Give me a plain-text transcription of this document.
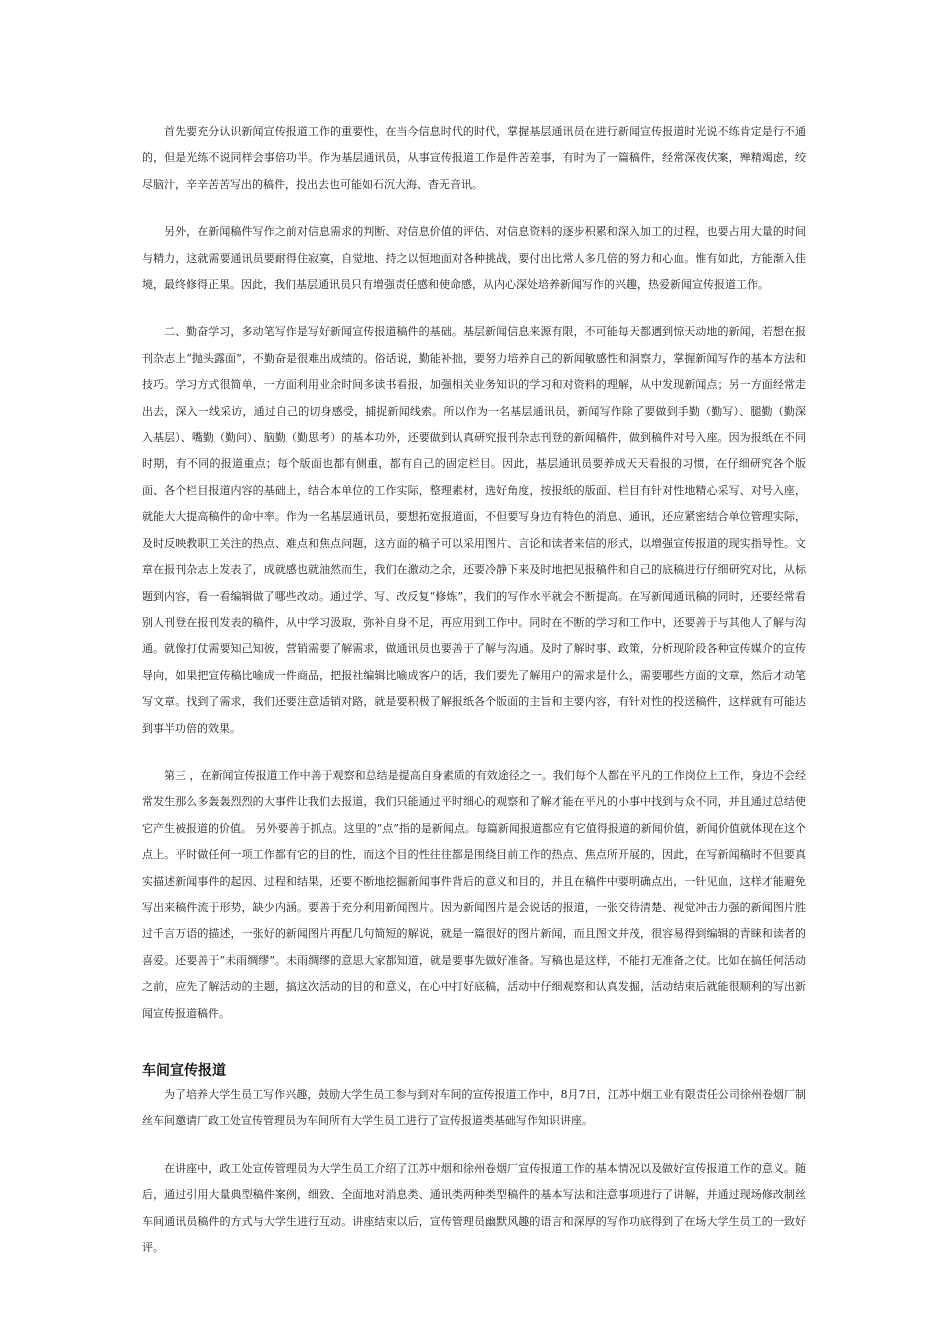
首先要充分认识新闻宣传报道工作的重要性，在当今信息时代的时代，掌握基层通讯员在进行新闻宣传报道时光说不练肯定是行不通的，但是光练不说同样会事倍功半。作为基层通讯员，从事宣传报道工作是件苦差事，有时为了一篇稿件，经常深夜伏案，殚精竭虑，绞尽脑汁，辛辛苦苦写出的稿件，投出去也可能如石沉大海、杳无音讯。

另外，在新闻稿件写作之前对信息需求的判断、对信息价值的评估、对信息资料的逐步积累和深入加工的过程，也要占用大量的时间与精力，这就需要通讯员要耐得住寂寞，自觉地、持之以恒地面对各种挑战，要付出比常人多几倍的努力和心血。惟有如此，方能渐入佳境，最终修得正果。因此，我们基层通讯员只有增强责任感和使命感，从内心深处培养新闻写作的兴趣，热爱新闻宣传报道工作。

二、勤奋学习，多动笔写作是写好新闻宣传报道稿件的基础。基层新闻信息来源有限，不可能每天都遇到惊天动地的新闻，若想在报刊杂志上“抛头露面”，不勤奋是很难出成绩的。俗话说，勤能补拙，要努力培养自己的新闻敏感性和洞察力，掌握新闻写作的基本方法和技巧。学习方式很简单，一方面利用业余时间多读书看报，加强相关业务知识的学习和对资料的理解，从中发现新闻点；另一方面经常走出去，深入一线采访，通过自己的切身感受，捕捉新闻线索。所以作为一名基层通讯员，新闻写作除了要做到手勤（勤写）、腿勤（勤深入基层）、嘴勤（勤问）、脑勤（勤思考）的基本功外，还要做到认真研究报刊杂志刊登的新闻稿件，做到稿件对号入座。因为报纸在不同时期，有不同的报道重点；每个版面也都有侧重，都有自己的固定栏目。因此，基层通讯员要养成天天看报的习惯，在仔细研究各个版面、各个栏目报道内容的基础上，结合本单位的工作实际，整理素材，选好角度，按报纸的版面、栏目有针对性地精心采写、对号入座，就能大大提高稿件的命中率。作为一名基层通讯员，要想拓宽报道面，不但要写身边有特色的消息、通讯，还应紧密结合单位管理实际，及时反映教职工关注的热点、难点和焦点问题，这方面的稿子可以采用图片、言论和读者来信的形式，以增强宣传报道的现实指导性。文章在报刊杂志上发表了，成就感也就油然而生，我们在激动之余，还要冷静下来及时地把见报稿件和自己的底稿进行仔细研究对比，从标题到内容，看一看编辑做了哪些改动。通过学、写、改反复“修炼”，我们的写作水平就会不断提高。在写新闻通讯稿的同时，还要经常看别人刊登在报刊发表的稿件，从中学习汲取，弥补自身不足，再应用到工作中。同时在不断的学习和工作中，还要善于与其他人了解与沟通。就像打仗需要知己知彼，营销需要了解需求，做通讯员也要善于了解与沟通。及时了解时事、政策，分析现阶段各种宣传媒介的宣传导向，如果把宣传稿比喻成一件商品，把报社编辑比喻成客户的话，我们要先了解用户的需求是什么，需要哪些方面的文章，然后才动笔写文章。找到了需求，我们还要注意适销对路，就是要积极了解报纸各个版面的主旨和主要内容，有针对性的投送稿件，这样就有可能达到事半功倍的效果。

第三 ，在新闻宣传报道工作中善于观察和总结是提高自身素质的有效途径之一。我们每个人都在平凡的工作岗位上工作，身边不会经常发生那么多轰轰烈烈的大事件让我们去报道，我们只能通过平时细心的观察和了解才能在平凡的小事中找到与众不同，并且通过总结使它产生被报道的价值。 另外要善于抓点。这里的“点”指的是新闻点。每篇新闻报道都应有它值得报道的新闻价值，新闻价值就体现在这个点上。平时做任何一项工作都有它的目的性，而这个目的性往往都是围绕目前工作的热点、焦点所开展的，因此，在写新闻稿时不但要真实描述新闻事件的起因、过程和结果，还要不断地挖掘新闻事件背后的意义和目的，并且在稿件中要明确点出，一针见血，这样才能避免写出来稿件流于形势，缺少内涵。要善于充分利用新闻图片。因为新闻图片是会说话的报道，一张交待清楚、视觉冲击力强的新闻图片胜过千言万语的描述，一张好的新闻图片再配几句简短的解说，就是一篇很好的图片新闻，而且图文并茂，很容易得到编辑的青睐和读者的喜爱。还要善于“未雨绸缪”。未雨绸缪的意思大家都知道，就是要事先做好准备。写稿也是这样，不能打无准备之仗。比如在搞任何活动之前，应先了解活动的主题，搞这次活动的目的和意义，在心中打好底稿，活动中仔细观察和认真发掘，活动结束后就能很顺利的写出新闻宣传报道稿件。

车间宣传报道

为了培养大学生员工写作兴趣，鼓励大学生员工参与到对车间的宣传报道工作中，8月7日，江苏中烟工业有限责任公司徐州卷烟厂制丝车间邀请厂政工处宣传管理员为车间所有大学生员工进行了宣传报道类基础写作知识讲座。

在讲座中，政工处宣传管理员为大学生员工介绍了江苏中烟和徐州卷烟厂宣传报道工作的基本情况以及做好宣传报道工作的意义。随后，通过引用大量典型稿件案例，细致、全面地对消息类、通讯类两种类型稿件的基本写法和注意事项进行了讲解，并通过现场修改制丝车间通讯员稿件的方式与大学生进行互动。讲座结束以后，宣传管理员幽默风趣的语言和深厚的写作功底得到了在场大学生员工的一致好评。
